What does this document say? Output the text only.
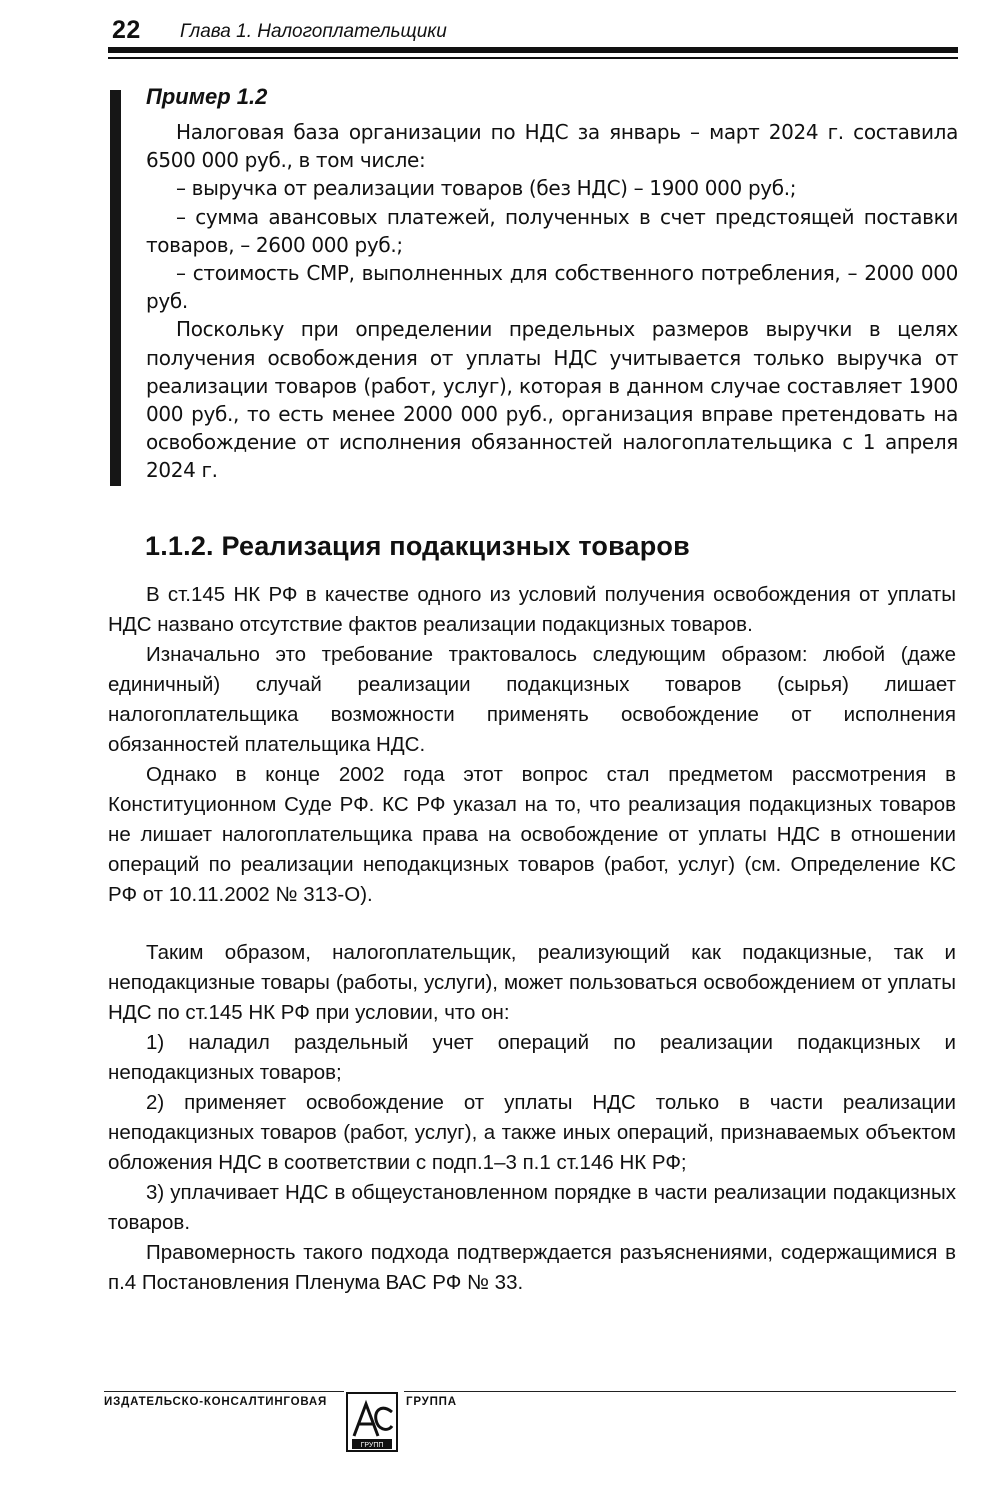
22 Глава 1. Налогоплательщики
Пример 1.2

Налоговая база организации по НДС за январь – март 2024 г. составила 6500 000 руб., в том числе:

– выручка от реализации товаров (без НДС) – 1900 000 руб.;

– сумма авансовых платежей, полученных в счет предстоящей поставки товаров, – 2600 000 руб.;

– стоимость СМР, выполненных для собственного потребления, – 2000 000 руб.

Поскольку при определении предельных размеров выручки в целях получения освобождения от уплаты НДС учитывается только выручка от реализации товаров (работ, услуг), которая в данном случае составляет 1900 000 руб., то есть менее 2000 000 руб., организация вправе претендовать на освобождение от исполнения обязанностей налогоплательщика с 1 апреля 2024 г.

1.1.2. Реализация подакцизных товаров

В ст.145 НК РФ в качестве одного из условий получения освобождения от уплаты НДС названо отсутствие фактов реализации подакцизных товаров.

Изначально это требование трактовалось следующим образом: любой (даже единичный) случай реализации подакцизных товаров (сырья) лишает налогоплательщика возможности применять освобождение от исполнения обязанностей плательщика НДС.

Однако в конце 2002 года этот вопрос стал предметом рассмотрения в Конституционном Суде РФ. КС РФ указал на то, что реализация подакцизных товаров не лишает налогоплательщика права на освобождение от уплаты НДС в отношении операций по реализации неподакцизных товаров (работ, услуг) (см. Определение КС РФ от 10.11.2002 № 313-О).

Таким образом, налогоплательщик, реализующий как подакцизные, так и неподакцизные товары (работы, услуги), может пользоваться освобождением от уплаты НДС по ст.145 НК РФ при условии, что он:

1) наладил раздельный учет операций по реализации подакцизных и неподакцизных товаров;

2) применяет освобождение от уплаты НДС только в части реализации неподакцизных товаров (работ, услуг), а также иных операций, признаваемых объектом обложения НДС в соответствии с подп.1–3 п.1 ст.146 НК РФ;

3) уплачивает НДС в общеустановленном порядке в части реализации подакцизных товаров.

Правомерность такого подхода подтверждается разъяснениями, содержащимися в п.4 Постановления Пленума ВАС РФ № 33.

ИЗДАТЕЛЬСКО-КОНСАЛТИНГОВАЯ
ГРУПП
ГРУППА
